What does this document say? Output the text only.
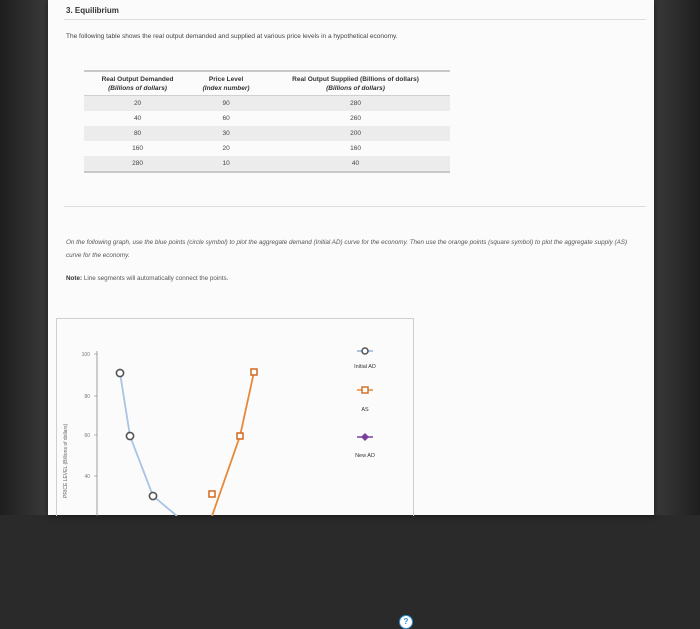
3. Equilibrium
The following table shows the real output demanded and supplied at various price levels in a hypothetical economy.
Real Output Demanded	Price Level	Real Output Supplied (Billions of dollars)
(Billions of dollars)	(Index number)	(Billions of dollars)
20	90	280
40	60	260
80	30	200
160	20	160
280	10	40

On the following graph, use the blue points (circle symbol) to plot the aggregate demand (Initial AD) curve for the economy. Then use the orange points (square symbol) to plot the aggregate supply (AS) curve for the economy.
Note: Line segments will automatically connect the points.
?
100
80
60
40
Initial AD
AS
New AD
PRICE LEVEL (Billions of dollars)
